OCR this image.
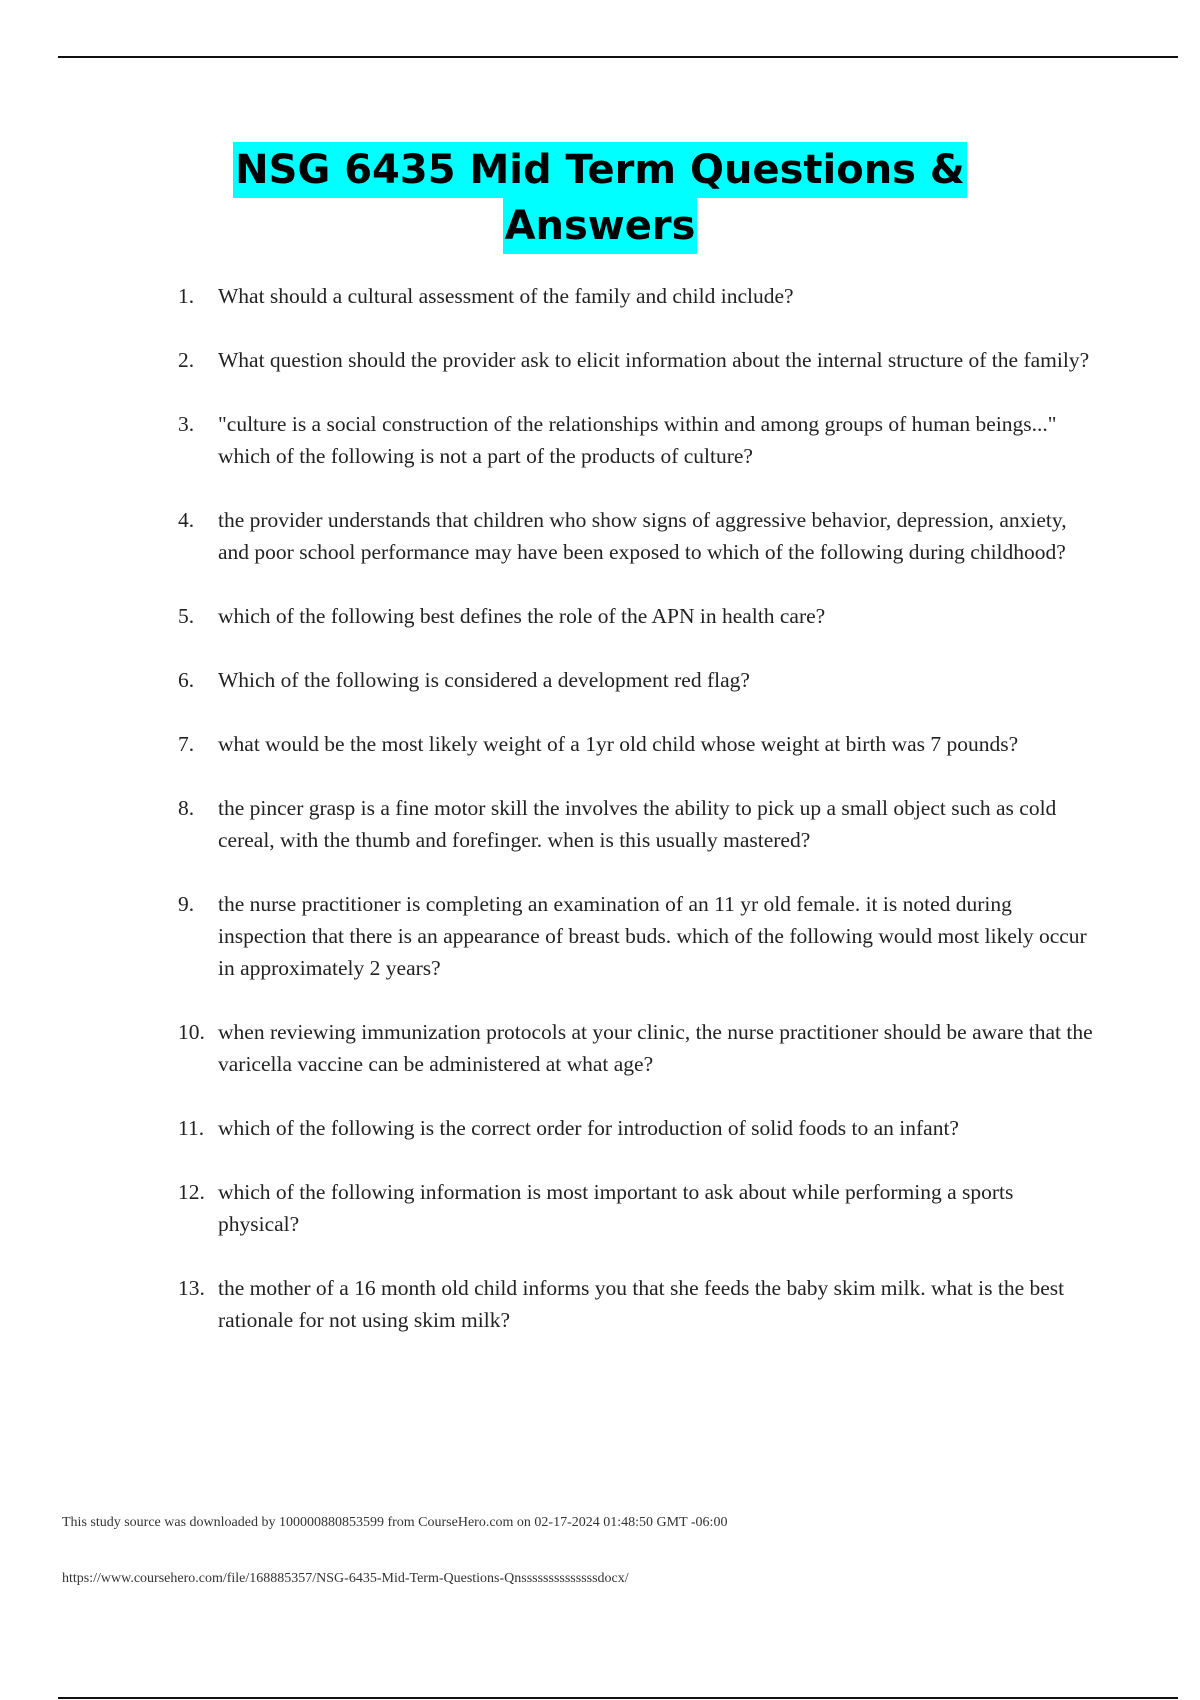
NSG 6435 Mid Term Questions &
Answers
1. What should a cultural assessment of the family and child include?
2. What question should the provider ask to elicit information about the internal structure of the family?
3. "culture is a social construction of the relationships within and among groups of human beings..." which of the following is not a part of the products of culture?
4. the provider understands that children who show signs of aggressive behavior, depression, anxiety, and poor school performance may have been exposed to which of the following during childhood?
5. which of the following best defines the role of the APN in health care?
6. Which of the following is considered a development red flag?
7. what would be the most likely weight of a 1yr old child whose weight at birth was 7 pounds?
8. the pincer grasp is a fine motor skill the involves the ability to pick up a small object such as cold cereal, with the thumb and forefinger. when is this usually mastered?
9. the nurse practitioner is completing an examination of an 11 yr old female. it is noted during inspection that there is an appearance of breast buds. which of the following would most likely occur in approximately 2 years?
10. when reviewing immunization protocols at your clinic, the nurse practitioner should be aware that the varicella vaccine can be administered at what age?
11. which of the following is the correct order for introduction of solid foods to an infant?
12. which of the following information is most important to ask about while performing a sports physical?
13. the mother of a 16 month old child informs you that she feeds the baby skim milk. what is the best rationale for not using skim milk?
This study source was downloaded by 100000880853599 from CourseHero.com on 02-17-2024 01:48:50 GMT -06:00
https://www.coursehero.com/file/168885357/NSG-6435-Mid-Term-Questions-Qnssssssssssssssdocx/
